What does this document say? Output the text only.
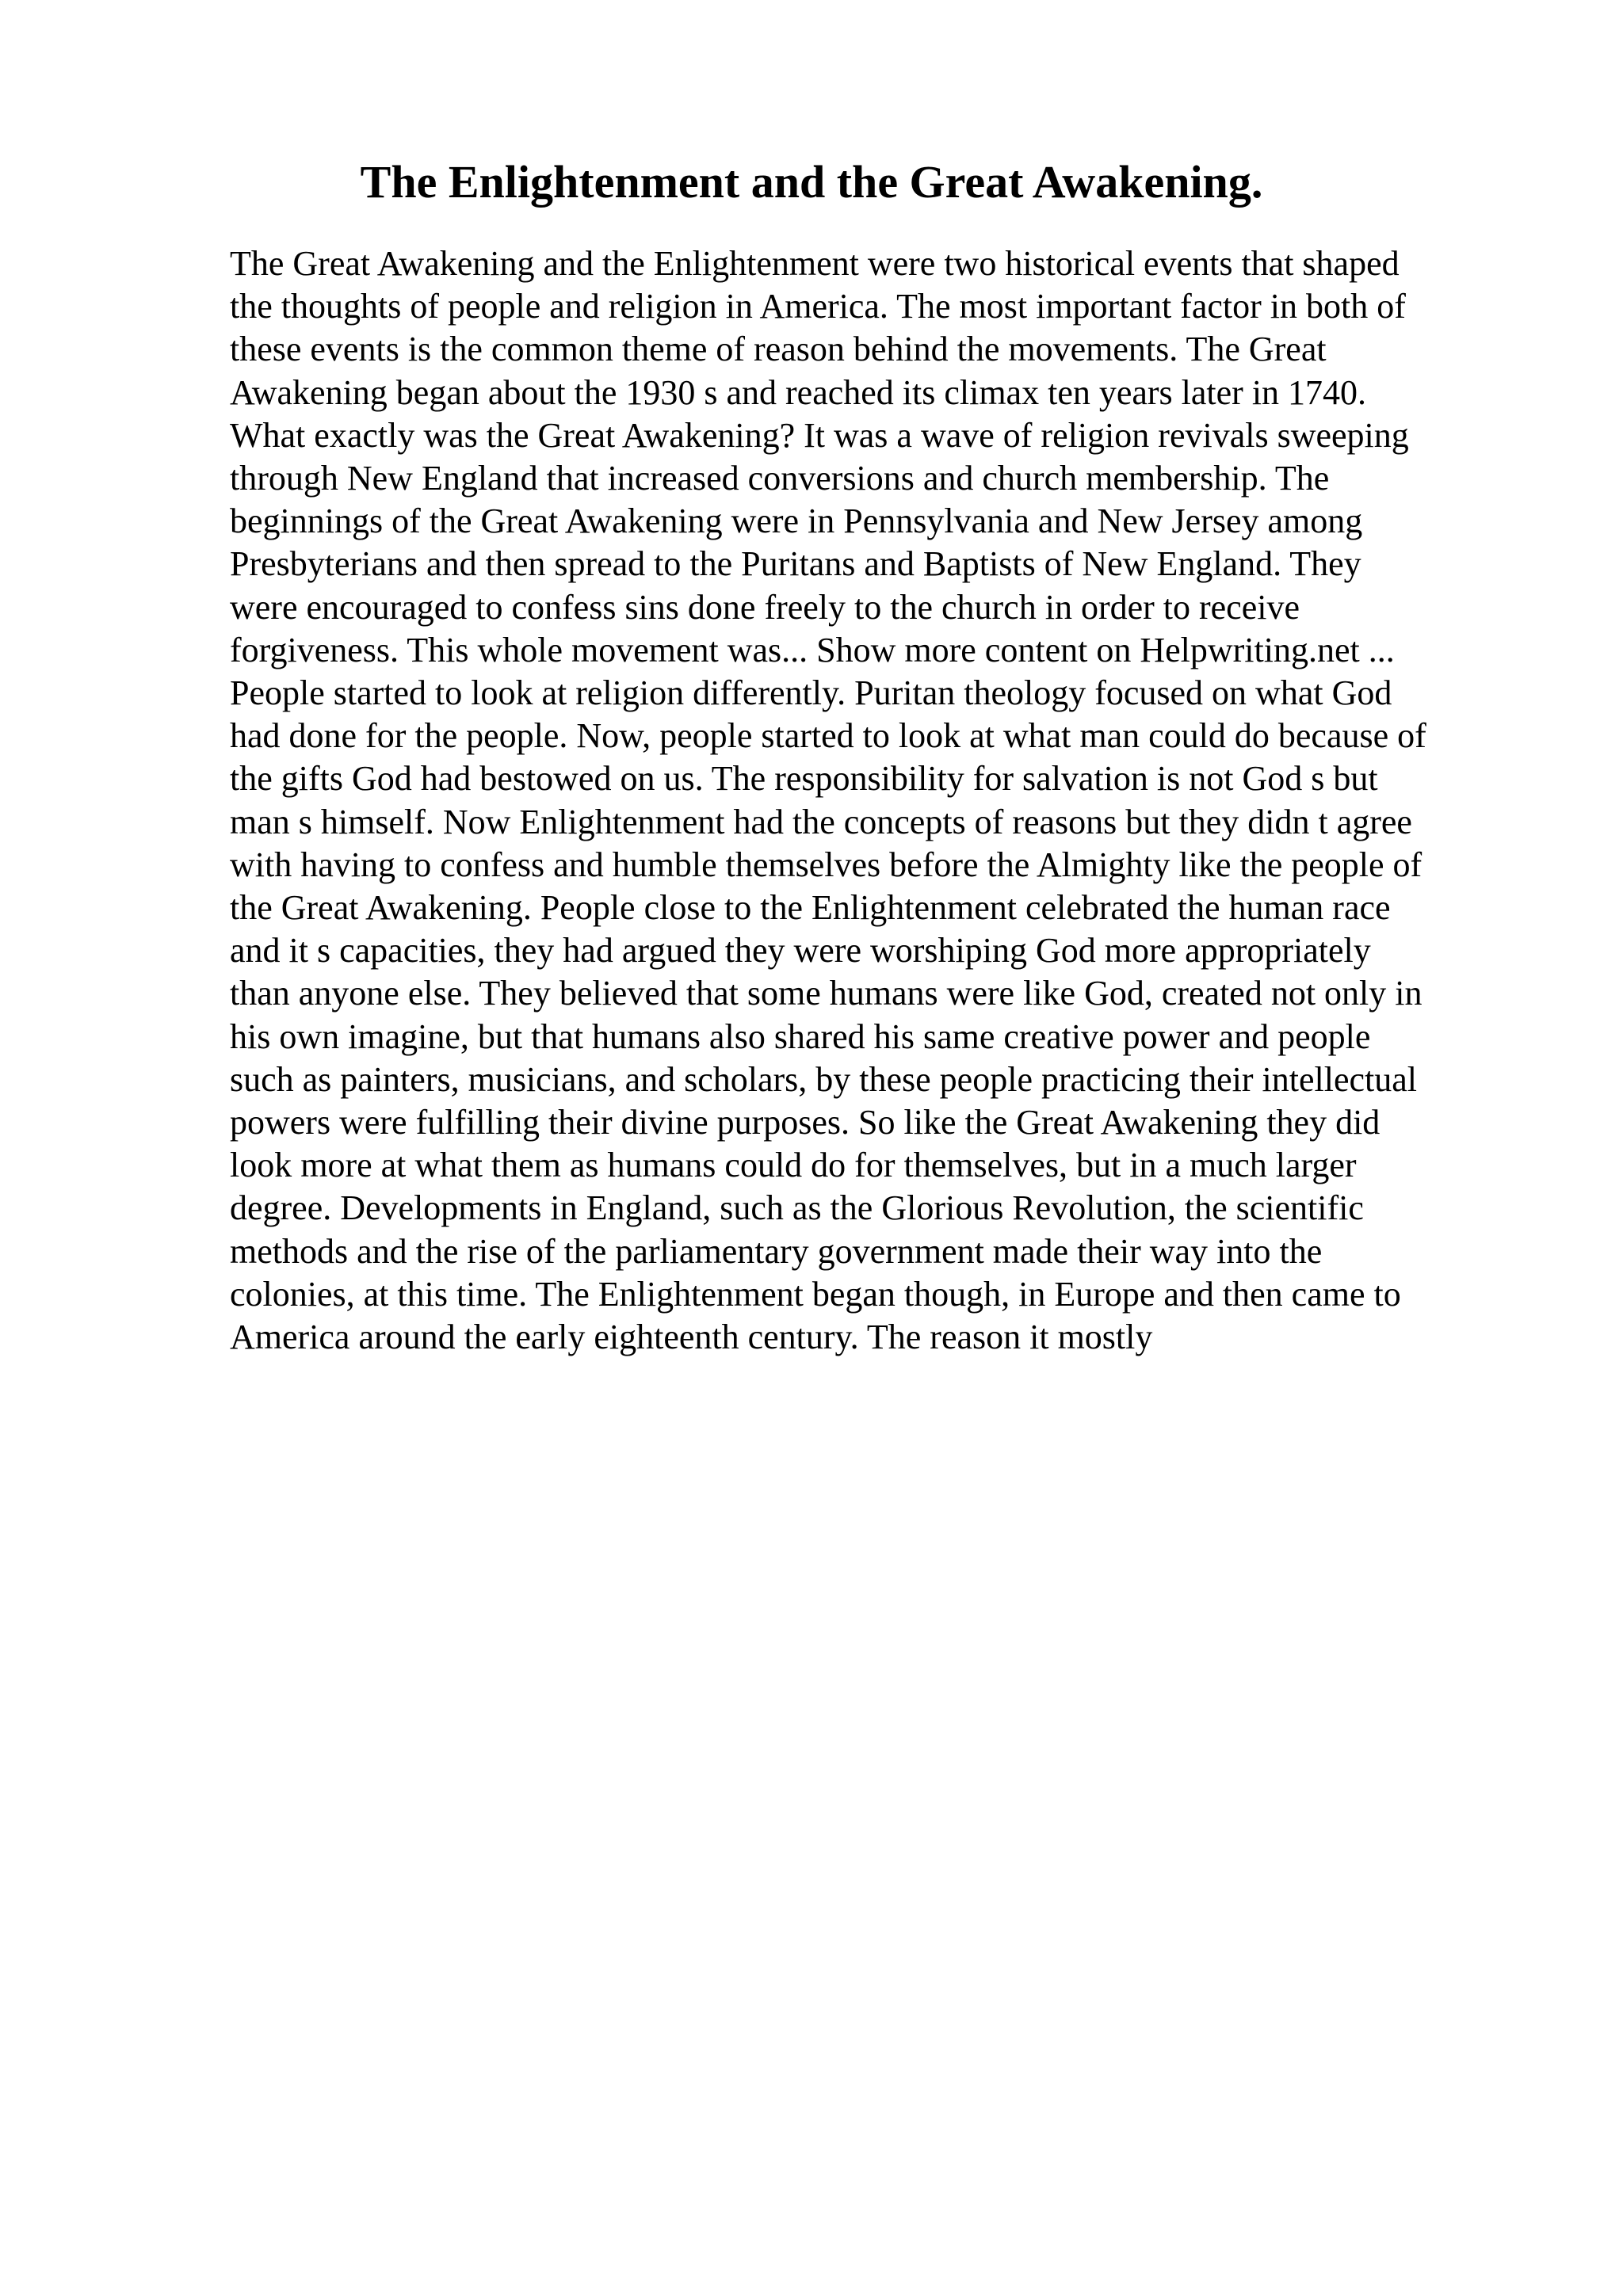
The Enlightenment and the Great Awakening.
The Great Awakening and the Enlightenment were two historical events that shaped
the thoughts of people and religion in America. The most important factor in both of
these events is the common theme of reason behind the movements. The Great
Awakening began about the 1930 s and reached its climax ten years later in 1740.
What exactly was the Great Awakening? It was a wave of religion revivals sweeping
through New England that increased conversions and church membership. The
beginnings of the Great Awakening were in Pennsylvania and New Jersey among
Presbyterians and then spread to the Puritans and Baptists of New England. They
were encouraged to confess sins done freely to the church in order to receive
forgiveness. This whole movement was... Show more content on Helpwriting.net ...
People started to look at religion differently. Puritan theology focused on what God
had done for the people. Now, people started to look at what man could do because of
the gifts God had bestowed on us. The responsibility for salvation is not God s but
man s himself. Now Enlightenment had the concepts of reasons but they didn t agree
with having to confess and humble themselves before the Almighty like the people of
the Great Awakening. People close to the Enlightenment celebrated the human race
and it s capacities, they had argued they were worshiping God more appropriately
than anyone else. They believed that some humans were like God, created not only in
his own imagine, but that humans also shared his same creative power and people
such as painters, musicians, and scholars, by these people practicing their intellectual
powers were fulfilling their divine purposes. So like the Great Awakening they did
look more at what them as humans could do for themselves, but in a much larger
degree. Developments in England, such as the Glorious Revolution, the scientific
methods and the rise of the parliamentary government made their way into the
colonies, at this time. The Enlightenment began though, in Europe and then came to
America around the early eighteenth century. The reason it mostly
